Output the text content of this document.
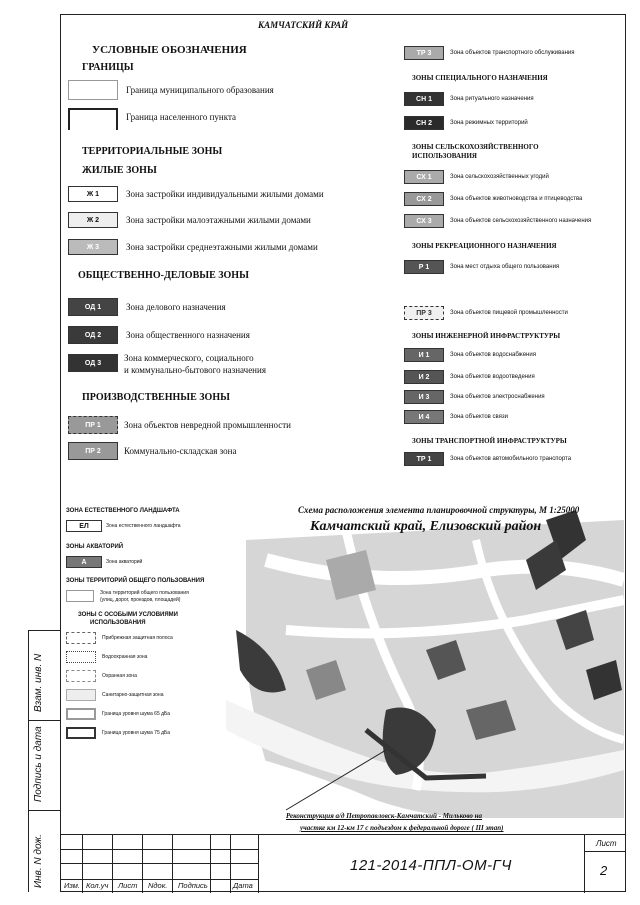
Взам. инв. N
Подпись и дата
Инв. N дож.
КАМЧАТСКИЙ КРАЙ
УСЛОВНЫЕ ОБОЗНАЧЕНИЯ
ГРАНИЦЫ
Граница муниципального образования
Граница населенного пункта
ТЕРРИТОРИАЛЬНЫЕ ЗОНЫ
ЖИЛЫЕ ЗОНЫ
Ж 1	Зона застройки индивидуальными жилыми домами
Ж 2	Зона застройки малоэтажными жилыми домами
Ж 3	Зона застройки среднеэтажными жилыми домами
ОБЩЕСТВЕННО-ДЕЛОВЫЕ ЗОНЫ
ОД 1	Зона делового назначения
ОД 2	Зона общественного назначения
ОД 3	Зона коммерческого, социального
и коммунально-бытового назначения
ПРОИЗВОДСТВЕННЫЕ ЗОНЫ
ПР 1	Зона объектов невредной промышленности
ПР 2	Коммунально-складская зона
ТР 3	Зона объектов транспортного обслуживания
ЗОНЫ СПЕЦИАЛЬНОГО НАЗНАЧЕНИЯ
СН 1	Зона ритуального назначения
СН 2	Зона режимных территорий
ЗОНЫ СЕЛЬСКОХОЗЯЙСТВЕННОГО
ИСПОЛЬЗОВАНИЯ
СХ 1	Зона сельскохозяйственных угодий
СХ 2	Зона объектов животноводства и птицеводства
СХ 3	Зона объектов сельскохозяйственного назначения
ЗОНЫ РЕКРЕАЦИОННОГО НАЗНАЧЕНИЯ
Р 1	Зона мест отдыха общего пользования
ПР 3	Зона объектов пищевой промышленности
ЗОНЫ ИНЖЕНЕРНОЙ ИНФРАСТРУКТУРЫ
И 1	Зона объектов водоснабжения
И 2	Зона объектов водоотведения
И 3	Зона объектов электроснабжения
И 4	Зона объектов связи
ЗОНЫ ТРАНСПОРТНОЙ ИНФРАСТРУКТУРЫ
ТР 1	Зона объектов автомобильного транспорта
Схема расположения элемента планировочной структуры, М 1:25000
Камчатский край, Елизовский район
Реконструкция а/д Петропавловск-Камчатский - Мильково на
участке км 12-км 17 с подъездом к федеральной дороге ( III этап)
ЗОНА ЕСТЕСТВЕННОГО ЛАНДШАФТА
ЕЛ	Зона естественного ландшафта
ЗОНЫ АКВАТОРИЙ
А	Зона акваторий
ЗОНЫ ТЕРРИТОРИЙ ОБЩЕГО ПОЛЬЗОВАНИЯ
Зона территорий общего пользования
(улиц, дорог, проездов, площадей)
ЗОНЫ С ОСОБЫМИ УСЛОВИЯМИ
ИСПОЛЬЗОВАНИЯ
Прибрежная защитная полоса
Водоохранная зона
Охранная зона
Санитарно-защитная зона
Граница уровня шума 65 дБа
Граница уровня шума 75 дБа
Изм. Кол.уч Лист Nдок. Подпись	Дата
121-2014-ППЛ-ОМ-ГЧ
Лист
2
